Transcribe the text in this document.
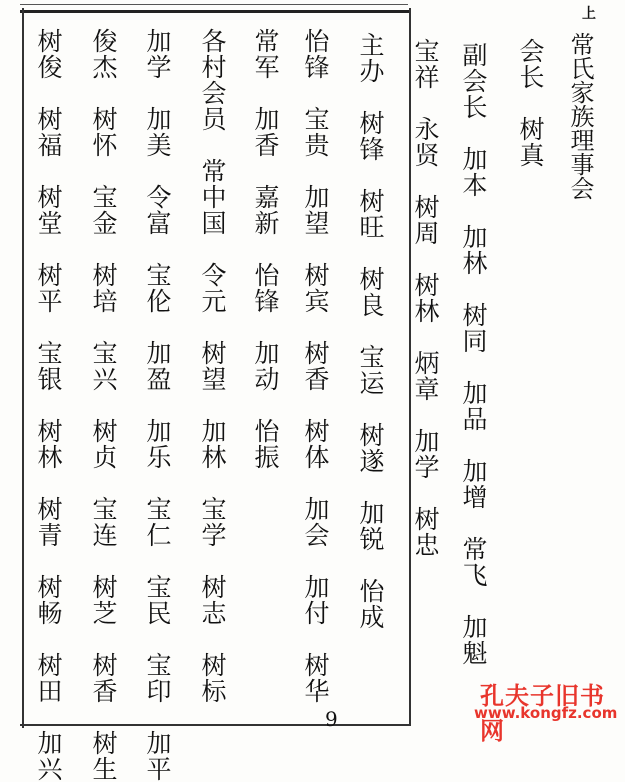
上
常氏家族理事会
会长　树真
副会长　加本　加林　树同　加品　加增　常飞　加魁
宝祥　永贤　树周　树林　炳章　加学　树忠
主办　树锋　树旺　树良　宝运　树遂　加锐　怡成
怡锋　宝贵　加望　树宾　树香　树体　加会　加付　树华
常军　加香　嘉新　怡锋　加动　怡振
各村会员　常中国　令元　树望　加林　宝学　树志　树标
加学　加美　令富　宝伦　加盈　加乐　宝仁　宝民　宝印　加平
俊杰　树怀　宝金　树培　宝兴　树贞　宝连　树芝　树香　树生
树俊　树福　树堂　树平　宝银　树林　树青　树畅　树田　加兴	9
孔夫子旧书网
www.kongfz.com
